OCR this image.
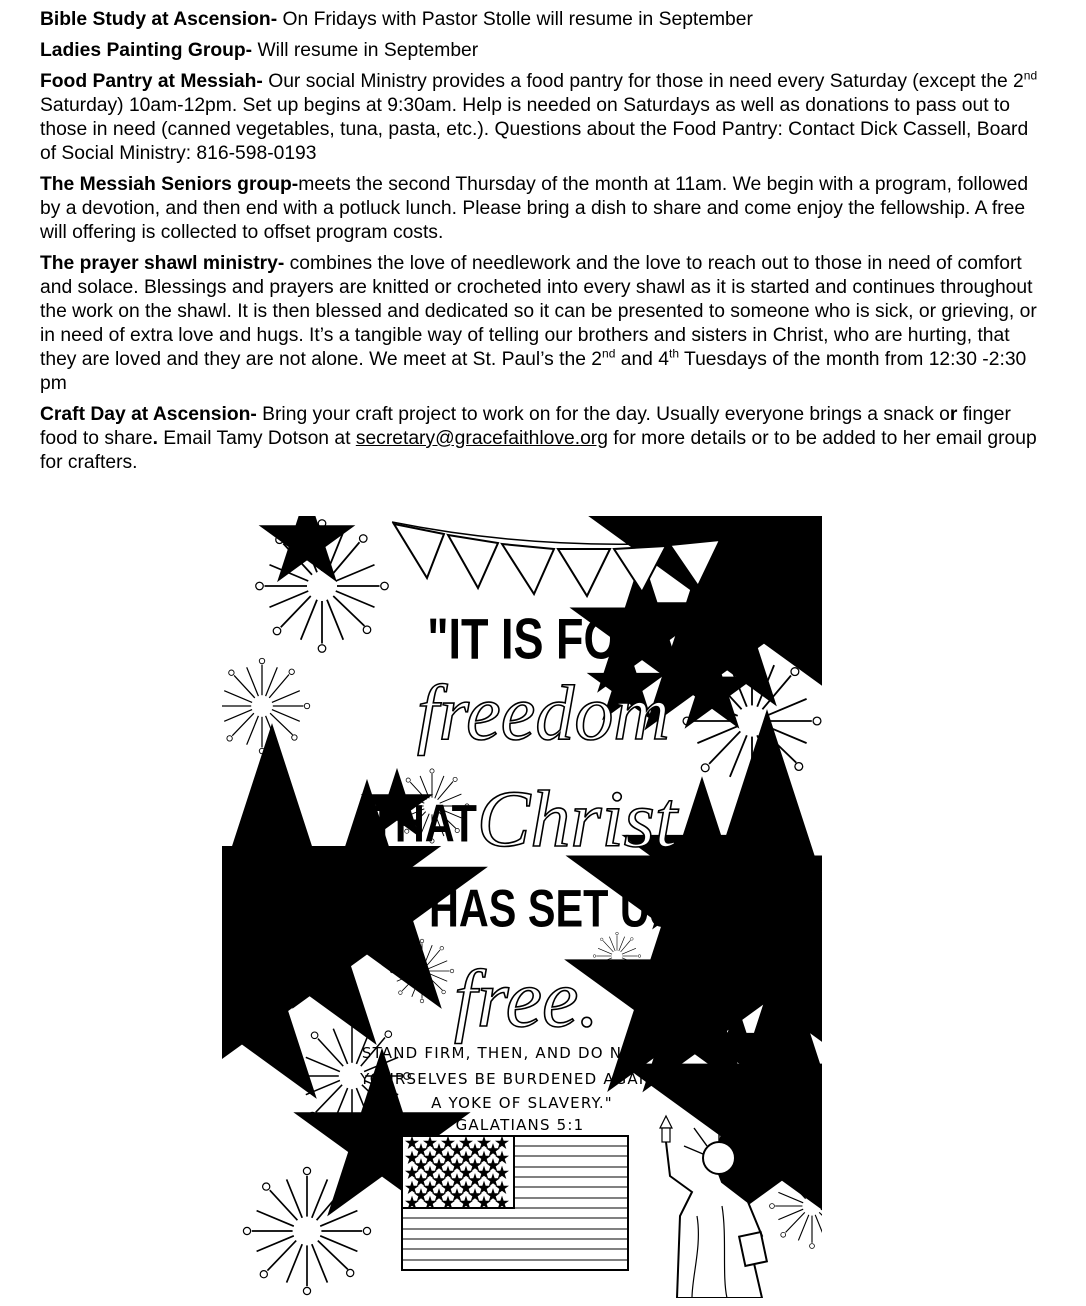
Bible Study at Ascension- On Fridays with Pastor Stolle will resume in September

Ladies Painting Group- Will resume in September

Food Pantry at Messiah- Our social Ministry provides a food pantry for those in need every Saturday (except the 2nd Saturday) 10am-12pm. Set up begins at 9:30am. Help is needed on Saturdays as well as donations to pass out to those in need (canned vegetables, tuna, pasta, etc.). Questions about the Food Pantry: Contact Dick Cassell, Board of Social Ministry: 816-598-0193

The Messiah Seniors group-meets the second Thursday of the month at 11am. We begin with a program, followed by a devotion, and then end with a potluck lunch. Please bring a dish to share and come enjoy the fellowship. A free will offering is collected to offset program costs.

The prayer shawl ministry- combines the love of needlework and the love to reach out to those in need of comfort and solace. Blessings and prayers are knitted or crocheted into every shawl as it is started and continues throughout the work on the shawl. It is then blessed and dedicated so it can be presented to someone who is sick, or grieving, or in need of extra love and hugs. It’s a tangible way of telling our brothers and sisters in Christ, who are hurting, that they are loved and they are not alone. We meet at St. Paul’s the 2nd and 4th Tuesdays of the month from 12:30 -2:30 pm

Craft Day at Ascension- Bring your craft project to work on for the day. Usually everyone brings a snack or finger food to share. Email Tamy Dotson at secretary@gracefaithlove.org for more details or to be added to her email group for crafters.

"IT IS FOR
freedom
THAT Christ
HAS SET US
free.
STAND FIRM, THEN, AND DO NOT LET
YOURSELVES BE BURDENED AGAIN BY
A YOKE OF SLAVERY."
GALATIANS 5:1
